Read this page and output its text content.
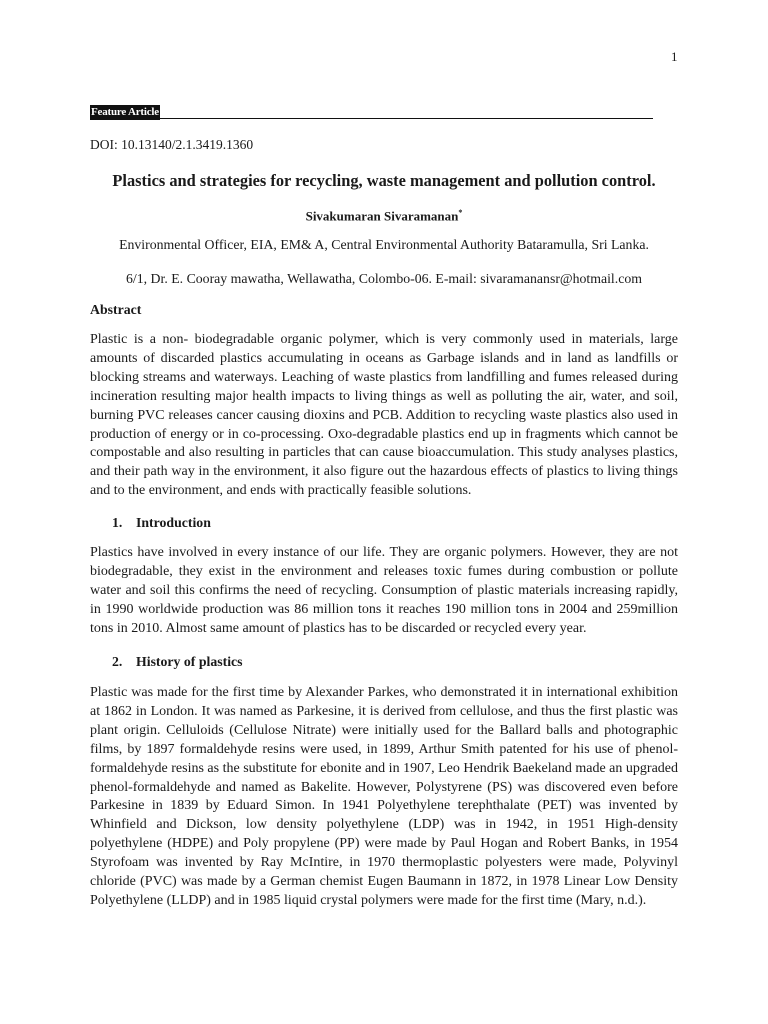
1
Feature Article
DOI: 10.13140/2.1.3419.1360
Plastics and strategies for recycling, waste management and pollution control.
Sivakumaran Sivaramanan*
Environmental Officer, EIA, EM& A, Central Environmental Authority Bataramulla, Sri Lanka.
6/1, Dr. E. Cooray mawatha, Wellawatha, Colombo-06. E-mail: sivaramanansr@hotmail.com
Abstract

Plastic is a non- biodegradable organic polymer, which is very commonly used in materials, large amounts of discarded plastics accumulating in oceans as Garbage islands and in land as landfills or blocking streams and waterways. Leaching of waste plastics from landfilling and fumes released during incineration resulting major health impacts to living things as well as polluting the air, water, and soil, burning PVC releases cancer causing dioxins and PCB. Addition to recycling waste plastics also used in production of energy or in co-processing. Oxo-degradable plastics end up in fragments which cannot be compostable and also resulting in particles that can cause bioaccumulation. This study analyses plastics, and their path way in the environment, it also figure out the hazardous effects of plastics to living things and to the environment, and ends with practically feasible solutions.

1. Introduction

Plastics have involved in every instance of our life. They are organic polymers. However, they are not biodegradable, they exist in the environment and releases toxic fumes during combustion or pollute water and soil this confirms the need of recycling. Consumption of plastic materials increasing rapidly, in 1990 worldwide production was 86 million tons it reaches 190 million tons in 2004 and 259million tons in 2010. Almost same amount of plastics has to be discarded or recycled every year.

2. History of plastics

Plastic was made for the first time by Alexander Parkes, who demonstrated it in international exhibition at 1862 in London. It was named as Parkesine, it is derived from cellulose, and thus the first plastic was plant origin. Celluloids (Cellulose Nitrate) were initially used for the Ballard balls and photographic films, by 1897 formaldehyde resins were used, in 1899, Arthur Smith patented for his use of phenol-formaldehyde resins as the substitute for ebonite and in 1907, Leo Hendrik Baekeland made an upgraded phenol-formaldehyde and named as Bakelite. However, Polystyrene (PS) was discovered even before Parkesine in 1839 by Eduard Simon. In 1941 Polyethylene terephthalate (PET) was invented by Whinfield and Dickson, low density polyethylene (LDP) was in 1942, in 1951 High-density polyethylene (HDPE) and Poly propylene (PP) were made by Paul Hogan and Robert Banks, in 1954 Styrofoam was invented by Ray McIntire, in 1970 thermoplastic polyesters were made, Polyvinyl chloride (PVC) was made by a German chemist Eugen Baumann in 1872, in 1978 Linear Low Density Polyethylene (LLDP) and in 1985 liquid crystal polymers were made for the first time (Mary, n.d.).
